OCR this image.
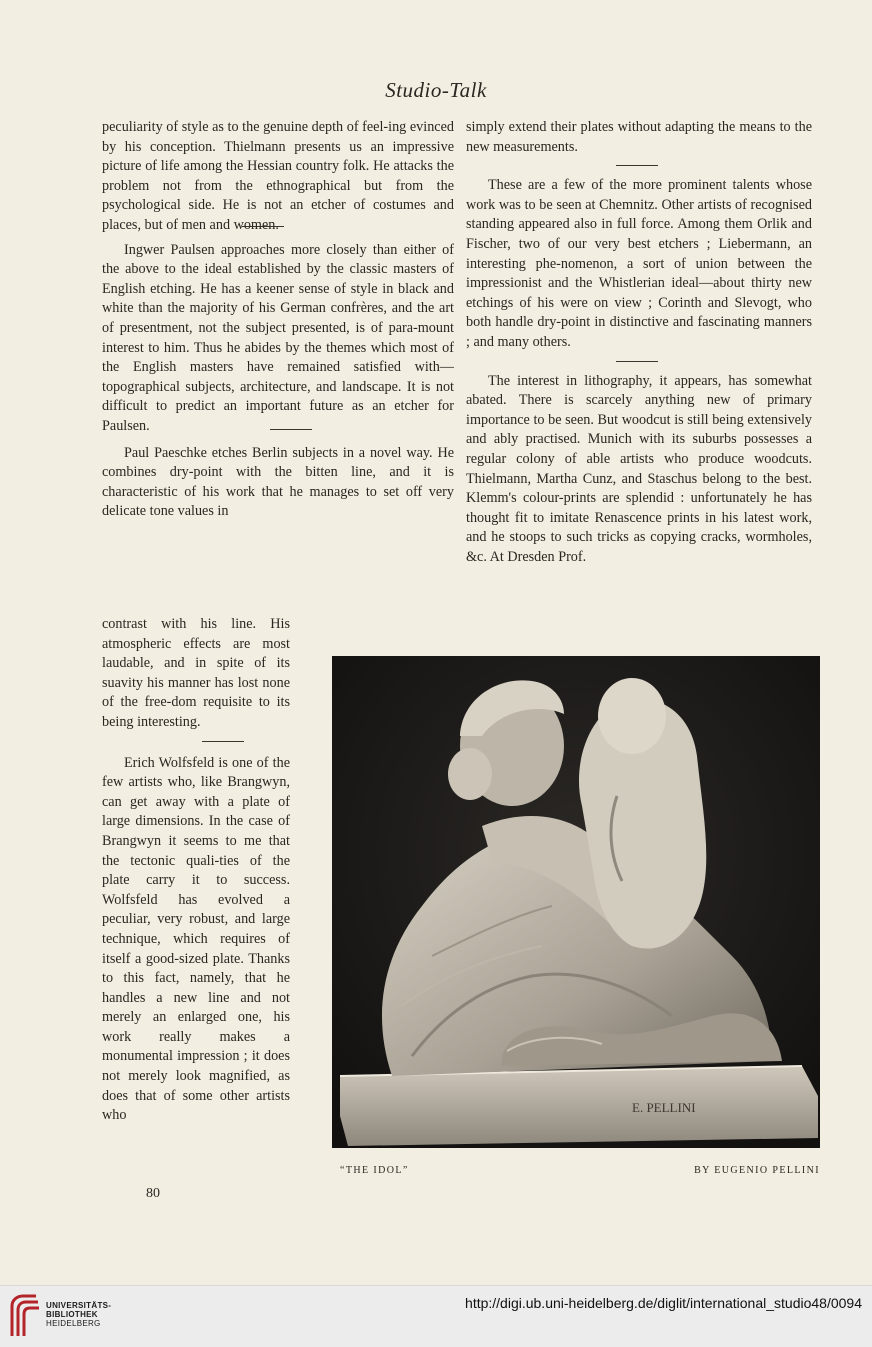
Studio-Talk

peculiarity of style as to the genuine depth of feel-ing evinced by his conception. Thielmann presents us an impressive picture of life among the Hessian country folk. He attacks the problem not from the ethnographical but from the psychological side. He is not an etcher of costumes and places, but of men and women.

Ingwer Paulsen approaches more closely than either of the above to the ideal established by the classic masters of English etching. He has a keener sense of style in black and white than the majority of his German confrères, and the art of presentment, not the subject presented, is of para-mount interest to him. Thus he abides by the themes which most of the English masters have remained satisfied with—topographical subjects, architecture, and landscape. It is not difficult to predict an important future as an etcher for Paulsen.

Paul Paeschke etches Berlin subjects in a novel way. He combines dry-point with the bitten line, and it is characteristic of his work that he manages to set off very delicate tone values in

contrast with his line. His atmospheric effects are most laudable, and in spite of its suavity his manner has lost none of the free-dom requisite to its being interesting.

Erich Wolfsfeld is one of the few artists who, like Brangwyn, can get away with a plate of large dimensions. In the case of Brangwyn it seems to me that the tectonic quali-ties of the plate carry it to success. Wolfsfeld has evolved a peculiar, very robust, and large technique, which requires of itself a good-sized plate. Thanks to this fact, namely, that he handles a new line and not merely an enlarged one, his work really makes a monumental impression ; it does not merely look magnified, as does that of some other artists who

simply extend their plates without adapting the means to the new measurements.

These are a few of the more prominent talents whose work was to be seen at Chemnitz. Other artists of recognised standing appeared also in full force. Among them Orlik and Fischer, two of our very best etchers ; Liebermann, an interesting phe-nomenon, a sort of union between the impressionist and the Whistlerian ideal—about thirty new etchings of his were on view ; Corinth and Slevogt, who both handle dry-point in distinctive and fascinating manners ; and many others.

The interest in lithography, it appears, has somewhat abated. There is scarcely anything new of primary importance to be seen. But woodcut is still being extensively and ably practised. Munich with its suburbs possesses a regular colony of able artists who produce woodcuts. Thielmann, Martha Cunz, and Staschus belong to the best. Klemm's colour-prints are splendid : unfortunately he has thought fit to imitate Renascence prints in his latest work, and he stoops to such tricks as copying cracks, wormholes, &c. At Dresden Prof.

E. PELLINI
“THE IDOL”	BY EUGENIO PELLINI
80
UNIVERSITÄTS-
BIBLIOTHEK
HEIDELBERG
http://digi.ub.uni-heidelberg.de/diglit/international_studio48/0094
